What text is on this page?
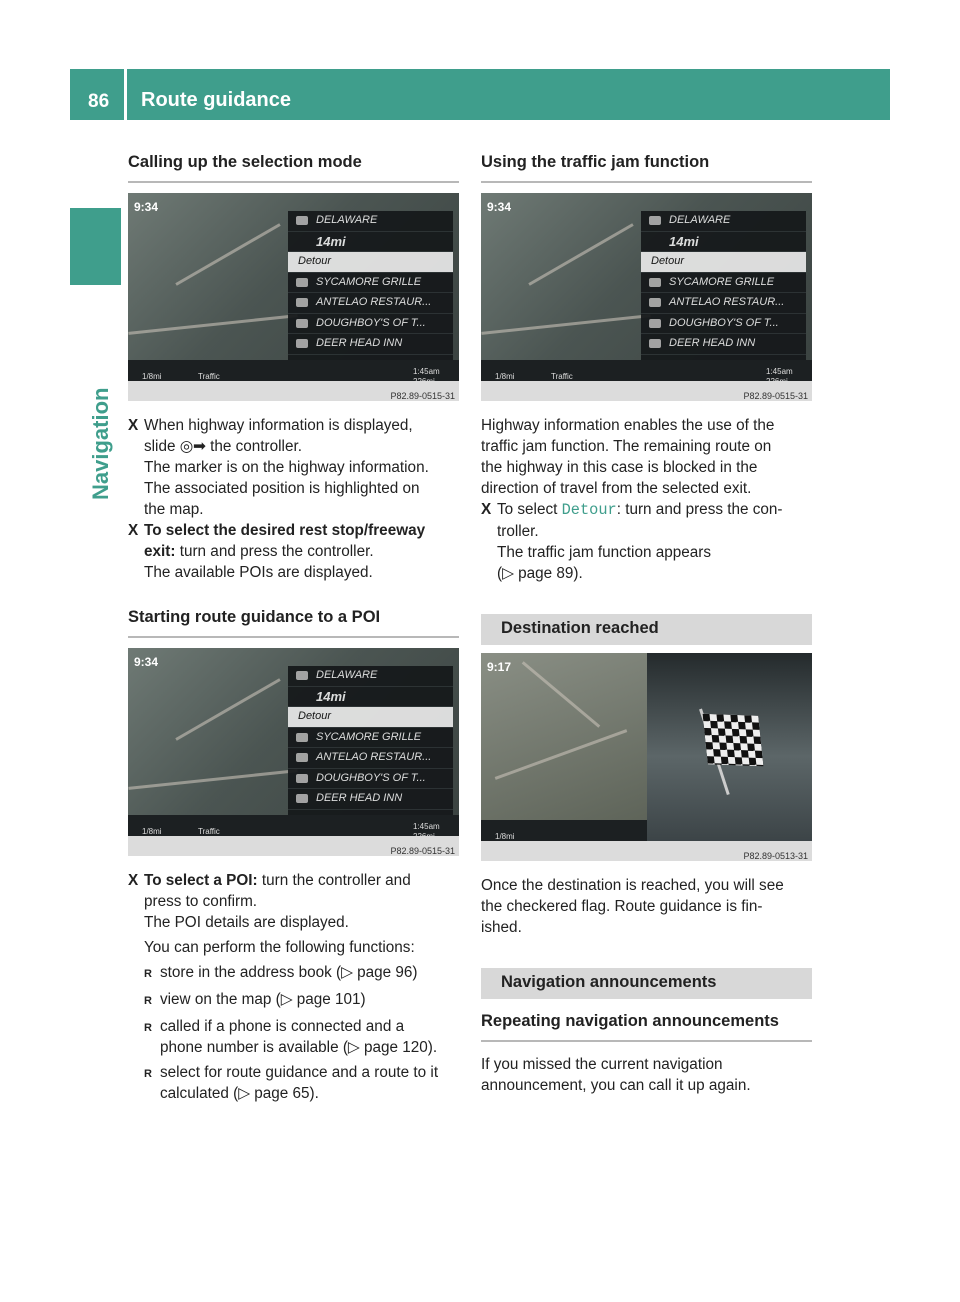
86 Route guidance
Navigation
Calling up the selection mode
9:34
DELAWARE
14mi
Detour
SYCAMORE GRILLE
ANTELAO RESTAUR...
DOUGHBOY'S OF T...
DEER HEAD INN
1/8mi	Traffic
1:45am
P82.89-0515-31
X When highway information is displayed,
slide ◎➡ the controller.
The marker is on the highway information.
The associated position is highlighted on
the map.
X To select the desired rest stop/freeway
exit: turn and press the controller.
The available POIs are displayed.
Starting route guidance to a POI
9:34
DELAWARE
14mi
Detour
SYCAMORE GRILLE
ANTELAO RESTAUR...
DOUGHBOY'S OF T...
DEER HEAD INN
1/8mi	Traffic
1:45am
P82.89-0515-31
X To select a POI: turn the controller and
press to confirm.
The POI details are displayed.
You can perform the following functions:
R store in the address book (▷ page 96)
R view on the map (▷ page 101)
R called if a phone is connected and a
phone number is available (▷ page 120).
R select for route guidance and a route to it
calculated (▷ page 65).
Using the traffic jam function
9:34
DELAWARE
14mi
Detour
SYCAMORE GRILLE
ANTELAO RESTAUR...
DOUGHBOY'S OF T...
DEER HEAD INN
1/8mi	Traffic
1:45am
P82.89-0515-31
Highway information enables the use of the
traffic jam function. The remaining route on
the highway in this case is blocked in the
direction of travel from the selected exit.
X To select Detour: turn and press the con-
troller.
The traffic jam function appears
(▷ page 89).
Destination reached
9:17
1/8mi
P82.89-0513-31
Once the destination is reached, you will see
the checkered flag. Route guidance is fin-
ished.
Navigation announcements
Repeating navigation announcements
If you missed the current navigation
announcement, you can call it up again.
